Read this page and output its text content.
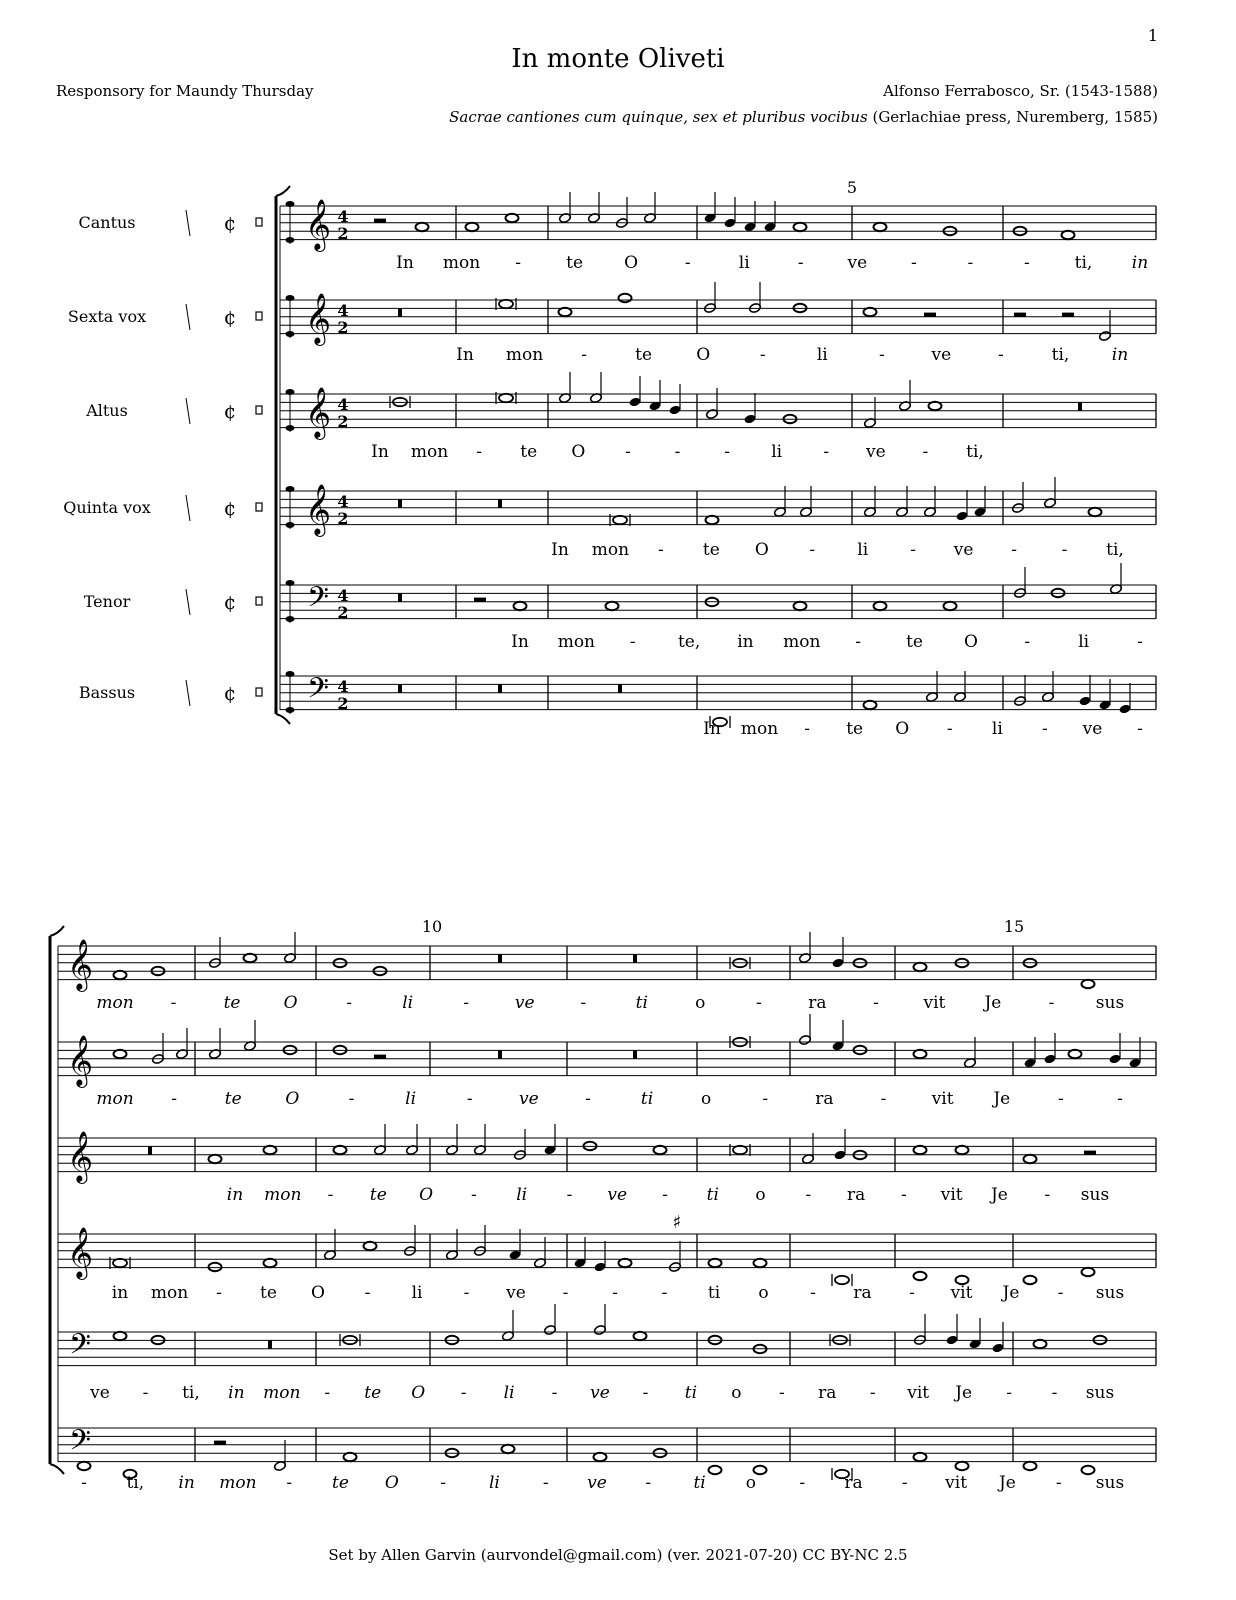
1
In monte Oliveti
Responsory for Maundy Thursday	Alfonso Ferrabosco, Sr. (1543-1588)
Sacrae cantiones cum quinque, sex et pluribus vocibus (Gerlachiae press, Nuremberg, 1585)
Cantus	¢ 𝄞 4
2
Sexta vox	¢ 𝄞 4
2
Altus	¢ 𝄞 4
2
Quinta vox	¢ 𝄞 4
2
Tenor	¢ 𝄢 4
2
Bassus	¢ 𝄢 4
2
5
In mon -	te O	-	li	-	ve	-	-	-	ti, in
In mon -	te	O	-	li	-	ve	-	ti,	in
In mon - te O -	-	- li - ve - ti,
In mon - te O - li - ve -	- ti,
In mon - te, in mon -	te O	-	li	-
In mon - te O - li - ve -
𝄞
𝄞
𝄞
𝄞
𝄢
𝄢
10	15
♯
mon -	te	O	-	li	-	ve	-	ti	o	-	ra	-	vit Je	- sus
mon -	te	O	-	li	-	ve	-	ti	o	-	ra	-	vit Je	-	-
in mon - te O - li - ve - ti o - ra - vit Je - sus
in mon - te O - li - ve -	-	- ti o - ra - vit Je - sus
ve - ti, in mon - te O - li - ve - ti o - ra - vit Je - - sus
- ti, in mon - te O -	li	- ve - ti o	- ra - vit Je - sus
Set by Allen Garvin (aurvondel@gmail.com) (ver. 2021-07-20) CC BY-NC 2.5
